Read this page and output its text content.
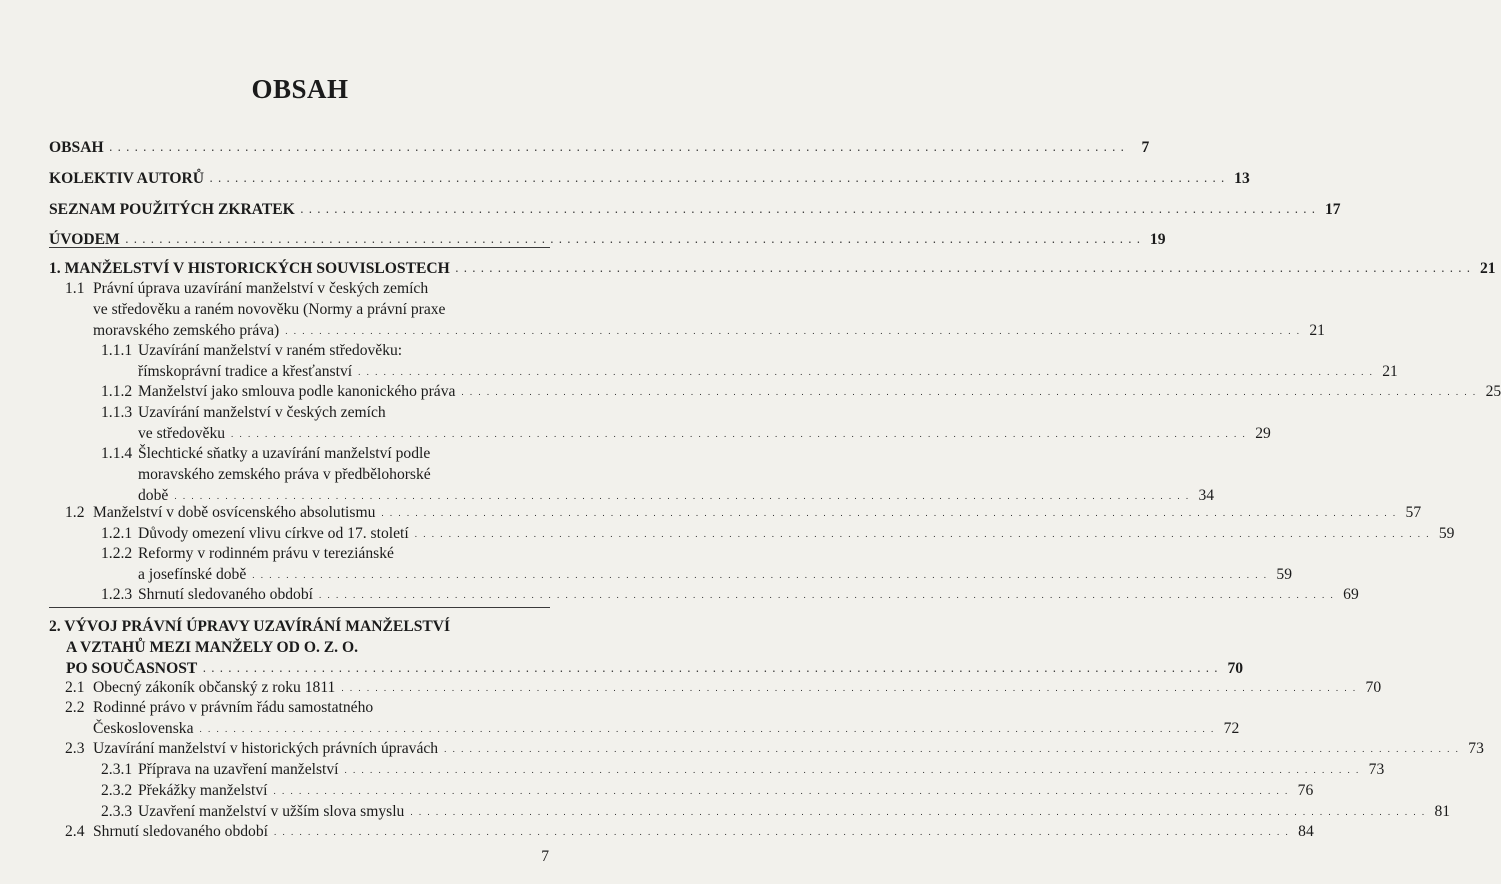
OBSAH
OBSAH . . . . . . . . . . . . . . . . . . . . . . . . . . . . . . . . . . . . . . . . . . . . . . . . . . . . . . . . . . . . . . . . . . . . . . . . . . . . . . . . . . . . . . . . . . . . . . . . . . . . . . . . . . . . . . . . . . . . . . . .	7
KOLEKTIV AUTORŮ . . . . . . . . . . . . . . . . . . . . . . . . . . . . . . . . . . . . . . . . . . . . . . . . . . . . . . . . . . . . . . . . . . . . . . . . . . . . . . . . . . . . . . . . . . . . . . . . . . . . . . . . . . . . . . . . . . . . . . . . 13
SEZNAM POUŽITÝCH ZKRATEK . . . . . . . . . . . . . . . . . . . . . . . . . . . . . . . . . . . . . . . . . . . . . . . . . . . . . . . . . . . . . . . . . . . . . . . . . . . . . . . . . . . . . . . . . . . . . . . . . . . . . . . . . . . . . . . . . . . . . . . . 17
ÚVODEM . . . . . . . . . . . . . . . . . . . . . . . . . . . . . . . . . . . . . . . . . . . . . . . . . . . . . . . . . . . . . . . . . . . . . . . . . . . . . . . . . . . . . . . . . . . . . . . . . . . . . . . . . . . . . . . . . . . . . . . . 19
1. MANŽELSTVÍ V HISTORICKÝCH SOUVISLOSTECH . . . . . . . . . . . . . . . . . . . . . . . . . . . . . . . . . . . . . . . . . . . . . . . . . . . . . . . . . . . . . . . . . . . . . . . . . . . . . . . . . . . . . . . . . . . . . . . . . . . . . . . . . . . . . . . . . . . . . . . . 21
1.1 Právní úprava uzavírání manželství v českých zemích
ve středověku a raném novověku (Normy a právní praxe
moravského zemského práva) . . . . . . . . . . . . . . . . . . . . . . . . . . . . . . . . . . . . . . . . . . . . . . . . . . . . . . . . . . . . . . . . . . . . . . . . . . . . . . . . . . . . . . . . . . . . . . . . . . . . . . . . . . . . . . . . . . . . . . . . 21
1.1.1 Uzavírání manželství v raném středověku:
římskoprávní tradice a křesťanství . . . . . . . . . . . . . . . . . . . . . . . . . . . . . . . . . . . . . . . . . . . . . . . . . . . . . . . . . . . . . . . . . . . . . . . . . . . . . . . . . . . . . . . . . . . . . . . . . . . . . . . . . . . . . . . . . . . . . . . . 21
1.1.2 Manželství jako smlouva podle kanonického práva . . . . . . . . . . . . . . . . . . . . . . . . . . . . . . . . . . . . . . . . . . . . . . . . . . . . . . . . . . . . . . . . . . . . . . . . . . . . . . . . . . . . . . . . . . . . . . . . . . . . . . . . . . . . . . . . . . . . . . . . 25
1.1.3 Uzavírání manželství v českých zemích
ve středověku . . . . . . . . . . . . . . . . . . . . . . . . . . . . . . . . . . . . . . . . . . . . . . . . . . . . . . . . . . . . . . . . . . . . . . . . . . . . . . . . . . . . . . . . . . . . . . . . . . . . . . . . . . . . . . . . . . . . . . . . 29
1.1.4 Šlechtické sňatky a uzavírání manželství podle
moravského zemského práva v předbělohorské
době . . . . . . . . . . . . . . . . . . . . . . . . . . . . . . . . . . . . . . . . . . . . . . . . . . . . . . . . . . . . . . . . . . . . . . . . . . . . . . . . . . . . . . . . . . . . . . . . . . . . . . . . . . . . . . . . . . . . . . . . 34
1.2 Manželství v době osvícenského absolutismu . . . . . . . . . . . . . . . . . . . . . . . . . . . . . . . . . . . . . . . . . . . . . . . . . . . . . . . . . . . . . . . . . . . . . . . . . . . . . . . . . . . . . . . . . . . . . . . . . . . . . . . . . . . . . . . . . . . . . . . . 57
1.2.1 Důvody omezení vlivu církve od 17. století . . . . . . . . . . . . . . . . . . . . . . . . . . . . . . . . . . . . . . . . . . . . . . . . . . . . . . . . . . . . . . . . . . . . . . . . . . . . . . . . . . . . . . . . . . . . . . . . . . . . . . . . . . . . . . . . . . . . . . . . 59
1.2.2 Reformy v rodinném právu v tereziánské
a josefínské době . . . . . . . . . . . . . . . . . . . . . . . . . . . . . . . . . . . . . . . . . . . . . . . . . . . . . . . . . . . . . . . . . . . . . . . . . . . . . . . . . . . . . . . . . . . . . . . . . . . . . . . . . . . . . . . . . . . . . . . . 59
1.2.3 Shrnutí sledovaného období . . . . . . . . . . . . . . . . . . . . . . . . . . . . . . . . . . . . . . . . . . . . . . . . . . . . . . . . . . . . . . . . . . . . . . . . . . . . . . . . . . . . . . . . . . . . . . . . . . . . . . . . . . . . . . . . . . . . . . . . 69
2. VÝVOJ PRÁVNÍ ÚPRAVY UZAVÍRÁNÍ MANŽELSTVÍ
A VZTAHŮ MEZI MANŽELY OD O. Z. O.
PO SOUČASNOST . . . . . . . . . . . . . . . . . . . . . . . . . . . . . . . . . . . . . . . . . . . . . . . . . . . . . . . . . . . . . . . . . . . . . . . . . . . . . . . . . . . . . . . . . . . . . . . . . . . . . . . . . . . . . . . . . . . . . . . . 70
2.1 Obecný zákoník občanský z roku 1811 . . . . . . . . . . . . . . . . . . . . . . . . . . . . . . . . . . . . . . . . . . . . . . . . . . . . . . . . . . . . . . . . . . . . . . . . . . . . . . . . . . . . . . . . . . . . . . . . . . . . . . . . . . . . . . . . . . . . . . . . 70
2.2 Rodinné právo v právním řádu samostatného
Československa . . . . . . . . . . . . . . . . . . . . . . . . . . . . . . . . . . . . . . . . . . . . . . . . . . . . . . . . . . . . . . . . . . . . . . . . . . . . . . . . . . . . . . . . . . . . . . . . . . . . . . . . . . . . . . . . . . . . . . . . 72
2.3 Uzavírání manželství v historických právních úpravách . . . . . . . . . . . . . . . . . . . . . . . . . . . . . . . . . . . . . . . . . . . . . . . . . . . . . . . . . . . . . . . . . . . . . . . . . . . . . . . . . . . . . . . . . . . . . . . . . . . . . . . . . . . . . . . . . . . . . . . . 73
2.3.1 Příprava na uzavření manželství . . . . . . . . . . . . . . . . . . . . . . . . . . . . . . . . . . . . . . . . . . . . . . . . . . . . . . . . . . . . . . . . . . . . . . . . . . . . . . . . . . . . . . . . . . . . . . . . . . . . . . . . . . . . . . . . . . . . . . . . 73
2.3.2 Překážky manželství . . . . . . . . . . . . . . . . . . . . . . . . . . . . . . . . . . . . . . . . . . . . . . . . . . . . . . . . . . . . . . . . . . . . . . . . . . . . . . . . . . . . . . . . . . . . . . . . . . . . . . . . . . . . . . . . . . . . . . . . 76
2.3.3 Uzavření manželství v užším slova smyslu . . . . . . . . . . . . . . . . . . . . . . . . . . . . . . . . . . . . . . . . . . . . . . . . . . . . . . . . . . . . . . . . . . . . . . . . . . . . . . . . . . . . . . . . . . . . . . . . . . . . . . . . . . . . . . . . . . . . . . . . 81
2.4 Shrnutí sledovaného období . . . . . . . . . . . . . . . . . . . . . . . . . . . . . . . . . . . . . . . . . . . . . . . . . . . . . . . . . . . . . . . . . . . . . . . . . . . . . . . . . . . . . . . . . . . . . . . . . . . . . . . . . . . . . . . . . . . . . . . . 84
7
